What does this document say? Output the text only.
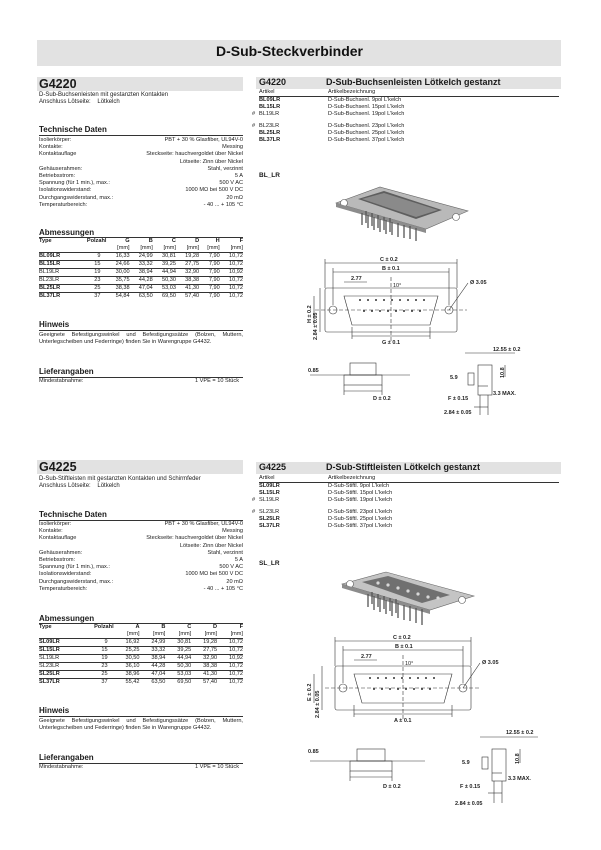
D-Sub-Steckverbinder
G4220
D-Sub-Buchsenleisten mit gestanzten Kontakten
Anschluss Lötseite: Lötkelch
Technische Daten
Isolierkörper:	PBT + 30 % Glasfiber, UL94V-0
Kontakte:	Messing
Kontaktauflage	Steckseite: hauchvergoldet über Nickel
Lötseite: Zinn über Nickel
Gehäuserahmen:	Stahl, verzinnt
Betriebsstrom:	5 A
Spannung (für 1 min.), max.:	500 V AC
Isolationswiderstand:	1000 MΩ bei 500 V DC
Durchgangswiderstand, max.:	20 mΩ
Temperaturbereich:	- 40 ... + 105 °C
Abmessungen
Type	Polzahl	G	B	C	D	H	F
		[mm]	[mm]	[mm]	[mm]	[mm]	[mm]
BL09LR	9	16,33	24,99	30,81	19,28	7,90	10,72
BL15LR	15	24,66	33,32	39,25	27,75	7,90	10,72
BL19LR	19	30,00	38,94	44,94	32,90	7,90	10,92
BL23LR	23	35,75	44,28	50,30	38,38	7,90	10,72
BL25LR	25	38,38	47,04	53,03	41,30	7,90	10,72
BL37LR	37	54,84	63,50	69,50	57,40	7,90	10,72
Hinweis
Geeignete Befestigungswinkel und Befestigungssätze (Bolzen, Muttern, Unterlegscheiben und Federringe) finden Sie in Warengruppe G4432.
Lieferangaben
Mindestabnahme:	1 VPE = 10 Stück
G4220	D-Sub-Buchsenleisten Lötkelch gestanzt
Artikel	Artikelbezeichnung
BL09LR	D-Sub-Buchsenl. 9pol L'kelch
BL15LR	D-Sub-Buchsenl. 15pol L'kelch
# BL19LR	D-Sub-Buchsenl. 19pol L'kelch
# BL23LR	D-Sub-Buchsenl. 23pol L'kelch
BL25LR	D-Sub-Buchsenl. 25pol L'kelch
BL37LR	D-Sub-Buchsenl. 37pol L'kelch
BL_LR
C ± 0.2
B ± 0.1
2.77
10°	Ø 3.05
G ± 0.1
H ± 0.2 2.84 ± 0.05
0.85
D ± 0.2
12.55 ± 0.2
5.9	10.8
F ± 0.15
3.3 MAX.
2.84 ± 0.05
G4225
D-Sub-Stiftleisten mit gestanzten Kontakten und Schirmfeder
Anschluss Lötseite: Lötkelch
Technische Daten
Isolierkörper:	PBT + 30 % Glasfiber, UL94V-0
Kontakte:	Messing
Kontaktauflage	Steckseite: hauchvergoldet über Nickel
Lötseite: Zinn über Nickel
Gehäuserahmen:	Stahl, verzinnt
Betriebsstrom:	5 A
Spannung (für 1 min.), max.:	500 V AC
Isolationswiderstand:	1000 MΩ bei 500 V DC
Durchgangswiderstand, max.:	20 mΩ
Temperaturbereich:	- 40 ... + 105 °C
Abmessungen
Type	Polzahl	A	B	C	D	F
		[mm]	[mm]	[mm]	[mm]	[mm]
SL09LR	9	16,92	24,99	30,81	19,28	10,72
SL15LR	15	25,25	33,32	39,25	27,75	10,72
SL19LR	19	30,50	38,94	44,94	32,90	10,92
SL23LR	23	36,10	44,28	50,30	38,38	10,72
SL25LR	25	38,96	47,04	53,03	41,30	10,72
SL37LR	37	55,42	63,50	69,50	57,40	10,72
Hinweis
Geeignete Befestigungswinkel und Befestigungssätze (Bolzen, Muttern, Unterlegscheiben und Federringe) finden Sie in Warengruppe G4432.
Lieferangaben
Mindestabnahme:	1 VPE = 10 Stück
G4225	D-Sub-Stiftleisten Lötkelch gestanzt
Artikel	Artikelbezeichnung
SL09LR	D-Sub-Stiftl. 9pol L'kelch
SL15LR	D-Sub-Stiftl. 15pol L'kelch
# SL19LR	D-Sub-Stiftl. 19pol L'kelch
# SL23LR	D-Sub-Stiftl. 23pol L'kelch
SL25LR	D-Sub-Stiftl. 25pol L'kelch
SL37LR	D-Sub-Stiftl. 37pol L'kelch
SL_LR
C ± 0.2
B ± 0.1
2.77
10°	Ø 3.05
A ± 0.1
E ± 0.2 2.84 ± 0.05
0.85
D ± 0.2
12.55 ± 0.2
5.9	10.8
F ± 0.15
3.3 MAX.
2.84 ± 0.05
